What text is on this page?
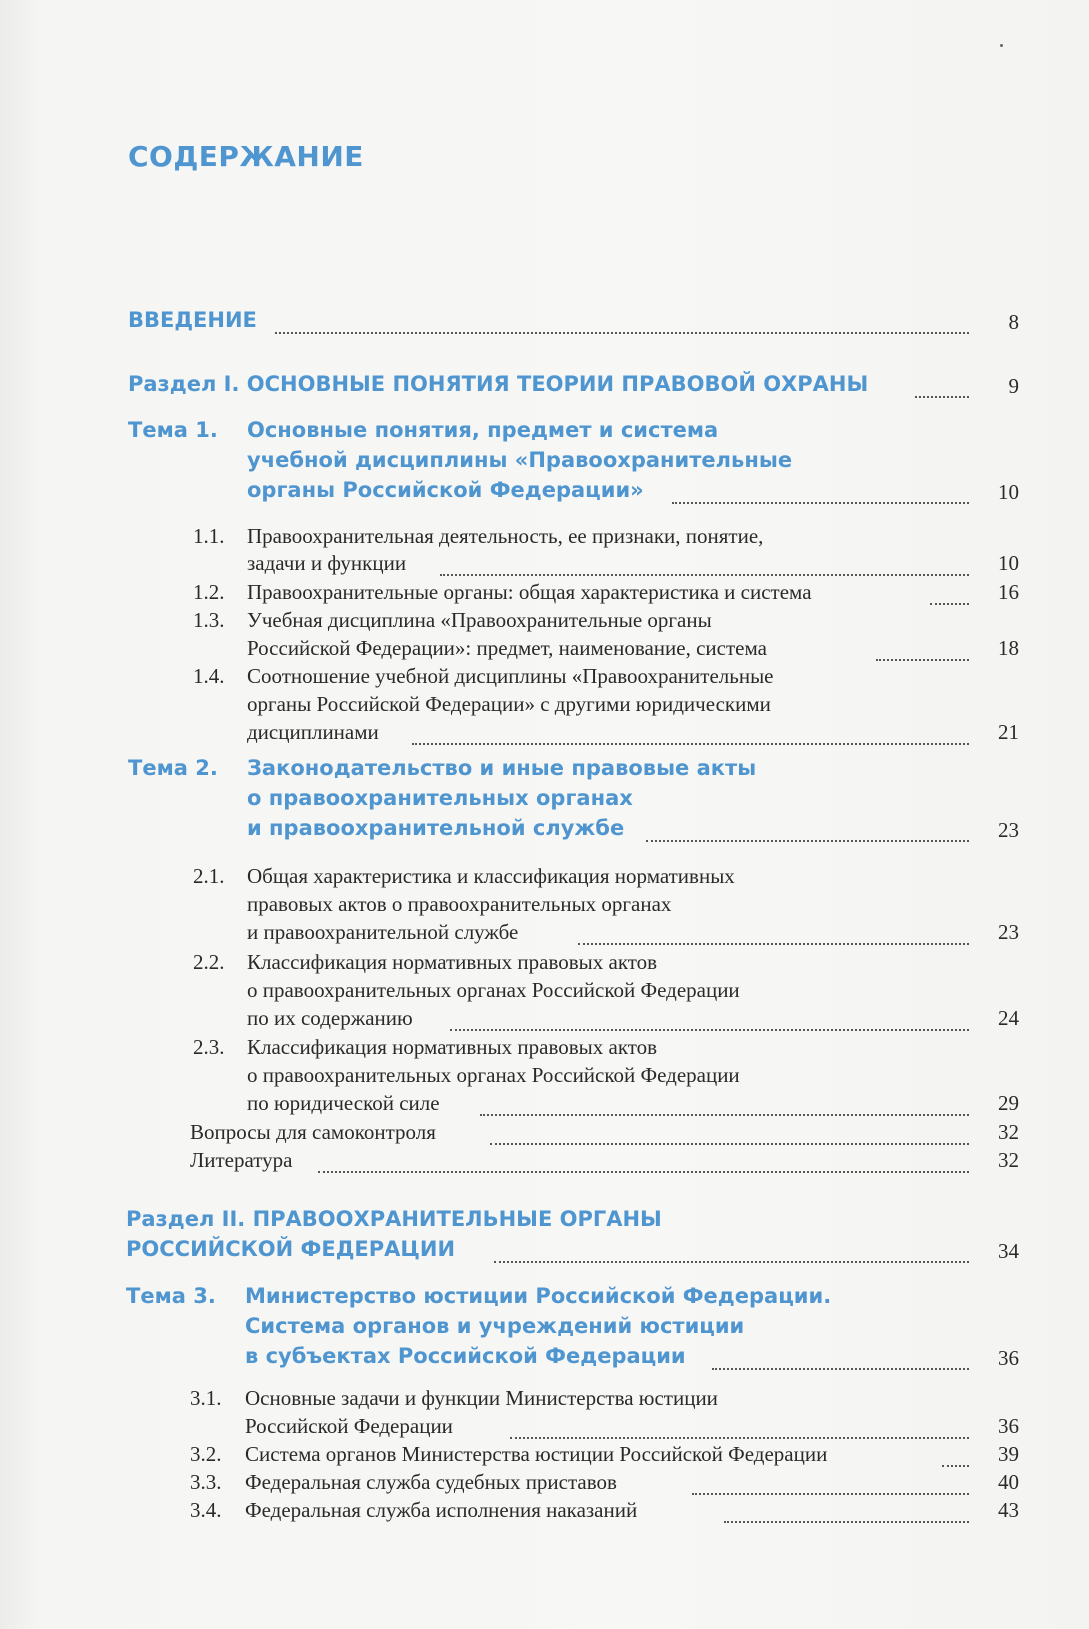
СОДЕРЖАНИЕ
ВВЕДЕНИЕ	8
Раздел I. ОСНОВНЫЕ ПОНЯТИЯ ТЕОРИИ ПРАВОВОЙ ОХРАНЫ	9
Тема 1. Основные понятия, предмет и система
учебной дисциплины «Правоохранительные
органы Российской Федерации»	10
1.1. Правоохранительная деятельность, ее признаки, понятие,
задачи и функции	10
1.2. Правоохранительные органы: общая характеристика и система	16
1.3. Учебная дисциплина «Правоохранительные органы
Российской Федерации»: предмет, наименование, система	18
1.4. Соотношение учебной дисциплины «Правоохранительные
органы Российской Федерации» с другими юридическими
дисциплинами	21
Тема 2. Законодательство и иные правовые акты
о правоохранительных органах
и правоохранительной службе	23
2.1. Общая характеристика и классификация нормативных
правовых актов о правоохранительных органах
и правоохранительной службе	23
2.2. Классификация нормативных правовых актов
о правоохранительных органах Российской Федерации
по их содержанию	24
2.3. Классификация нормативных правовых актов
о правоохранительных органах Российской Федерации
по юридической силе	29
Вопросы для самоконтроля	32
Литература	32
Раздел II. ПРАВООХРАНИТЕЛЬНЫЕ ОРГАНЫ
РОССИЙСКОЙ ФЕДЕРАЦИИ	34
Тема 3. Министерство юстиции Российской Федерации.
Система органов и учреждений юстиции
в субъектах Российской Федерации	36
3.1. Основные задачи и функции Министерства юстиции
Российской Федерации	36
3.2. Система органов Министерства юстиции Российской Федерации	39
3.3. Федеральная служба судебных приставов	40
3.4. Федеральная служба исполнения наказаний	43
